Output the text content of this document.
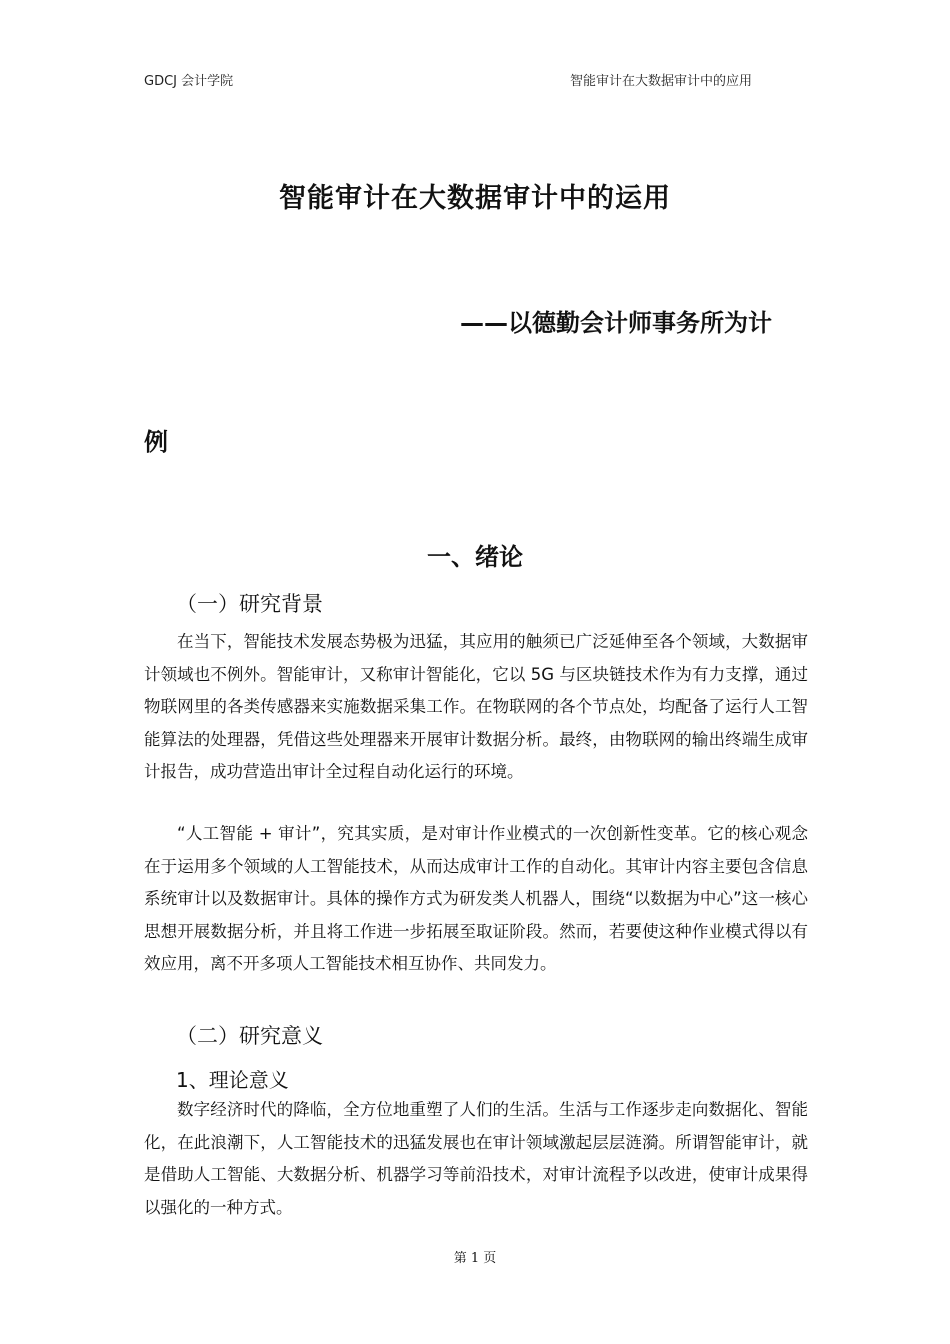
GDCJ 会计学院	智能审计在大数据审计中的应用
智能审计在大数据审计中的运用
——以德勤会计师事务所为计
例
一、绪论
（一）研究背景

在当下，智能技术发展态势极为迅猛，其应用的触须已广泛延伸至各个领域，大数据审计领域也不例外。智能审计，又称审计智能化，它以 5G 与区块链技术作为有力支撑，通过物联网里的各类传感器来实施数据采集工作。在物联网的各个节点处，均配备了运行人工智能算法的处理器，凭借这些处理器来开展审计数据分析。最终，由物联网的输出终端生成审计报告，成功营造出审计全过程自动化运行的环境。

“人工智能 + 审计”，究其实质，是对审计作业模式的一次创新性变革。它的核心观念在于运用多个领域的人工智能技术，从而达成审计工作的自动化。其审计内容主要包含信息系统审计以及数据审计。具体的操作方式为研发类人机器人，围绕“以数据为中心”这一核心思想开展数据分析，并且将工作进一步拓展至取证阶段。然而，若要使这种作业模式得以有效应用，离不开多项人工智能技术相互协作、共同发力。

（二）研究意义
1、理论意义

数字经济时代的降临，全方位地重塑了人们的生活。生活与工作逐步走向数据化、智能化，在此浪潮下，人工智能技术的迅猛发展也在审计领域激起层层涟漪。所谓智能审计，就是借助人工智能、大数据分析、机器学习等前沿技术，对审计流程予以改进，使审计成果得以强化的一种方式。

第 1 页
